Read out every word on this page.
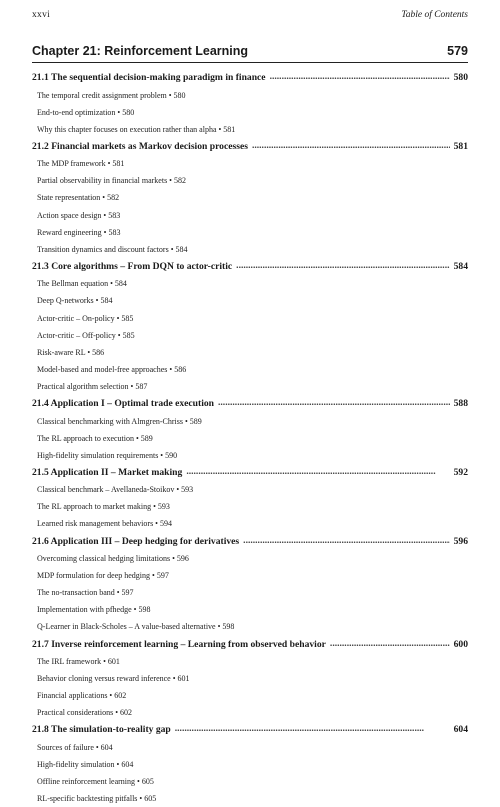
xxvi	Table of Contents
Chapter 21: Reinforcement Learning	579
21.1 The sequential decision-making paradigm in finance . . .	580
The temporal credit assignment problem • 580
End-to-end optimization • 580
Why this chapter focuses on execution rather than alpha • 581
21.2 Financial markets as Markov decision processes . . .	581
The MDP framework • 581
Partial observability in financial markets • 582
State representation • 582
Action space design • 583
Reward engineering • 583
Transition dynamics and discount factors • 584
21.3 Core algorithms – From DQN to actor-critic . . .	584
The Bellman equation • 584
Deep Q-networks • 584
Actor-critic – On-policy • 585
Actor-critic – Off-policy • 585
Risk-aware RL • 586
Model-based and model-free approaches • 586
Practical algorithm selection • 587
21.4 Application I – Optimal trade execution . . .	588
Classical benchmarking with Almgren-Chriss • 589
The RL approach to execution • 589
High-fidelity simulation requirements • 590
21.5 Application II – Market making . . .	592
Classical benchmark – Avellaneda-Stoikov • 593
The RL approach to market making • 593
Learned risk management behaviors • 594
21.6 Application III – Deep hedging for derivatives . . .	596
Overcoming classical hedging limitations • 596
MDP formulation for deep hedging • 597
The no-transaction band • 597
Implementation with pfhedge • 598
Q-Learner in Black-Scholes – A value-based alternative • 598
21.7 Inverse reinforcement learning – Learning from observed behavior . . .	600
The IRL framework • 601
Behavior cloning versus reward inference • 601
Financial applications • 602
Practical considerations • 602
21.8 The simulation-to-reality gap . . .	604
Sources of failure • 604
High-fidelity simulation • 604
Offline reinforcement learning • 605
RL-specific backtesting pitfalls • 605
